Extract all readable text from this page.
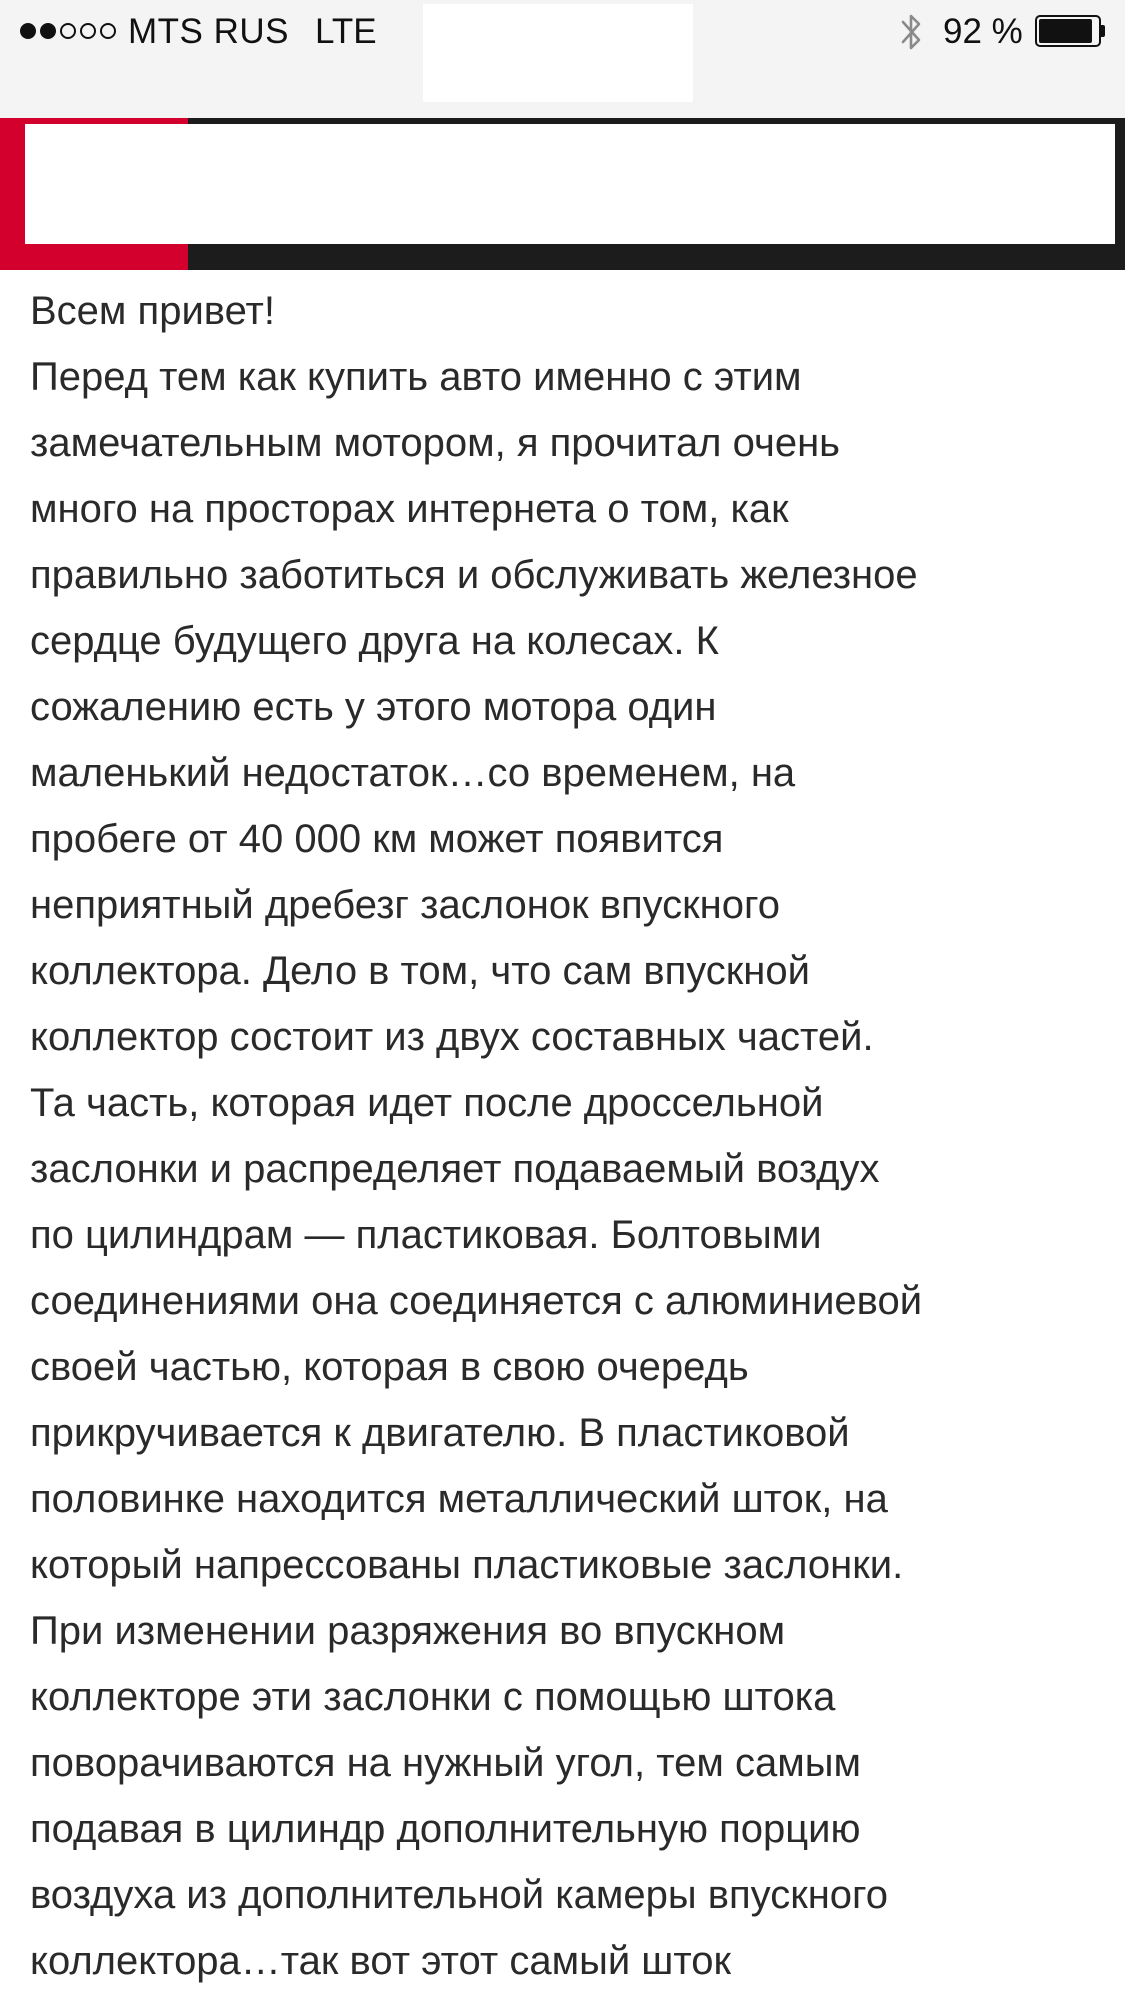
MTS RUS LTE	92 %

Всем привет!
Перед тем как купить авто именно с этим
замечательным мотором, я прочитал очень
много на просторах интернета о том, как
правильно заботиться и обслуживать железное
сердце будущего друга на колесах. К
сожалению есть у этого мотора один
маленький недостаток…со временем, на
пробеге от 40 000 км может появится
неприятный дребезг заслонок впускного
коллектора. Дело в том, что сам впускной
коллектор состоит из двух составных частей.
Та часть, которая идет после дроссельной
заслонки и распределяет подаваемый воздух
по цилиндрам — пластиковая. Болтовыми
соединениями она соединяется с алюминиевой
своей частью, которая в свою очередь
прикручивается к двигателю. В пластиковой
половинке находится металлический шток, на
который напрессованы пластиковые заслонки.
При изменении разряжения во впускном
коллекторе эти заслонки с помощью штока
поворачиваются на нужный угол, тем самым
подавая в цилиндр дополнительную порцию
воздуха из дополнительной камеры впускного
коллектора…так вот этот самый шток
